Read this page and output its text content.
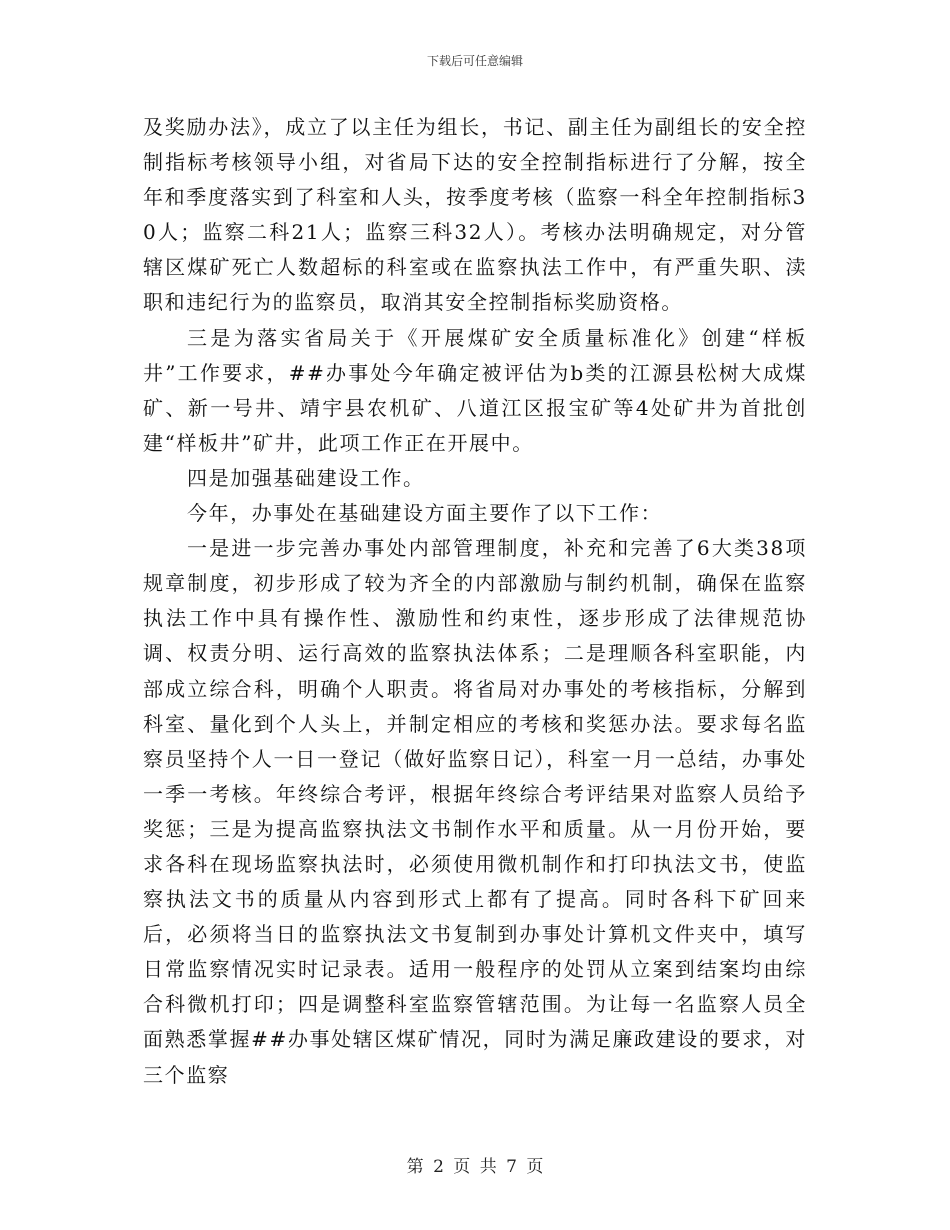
下载后可任意编辑

及奖励办法》，成立了以主任为组长，书记、副主任为副组长的安全控制指标考核领导小组，对省局下达的安全控制指标进行了分解，按全年和季度落实到了科室和人头，按季度考核（监察一科全年控制指标30人；监察二科21人；监察三科32人）。考核办法明确规定，对分管辖区煤矿死亡人数超标的科室或在监察执法工作中，有严重失职、渎职和违纪行为的监察员，取消其安全控制指标奖励资格。

三是为落实省局关于《开展煤矿安全质量标准化》创建“样板井”工作要求，##办事处今年确定被评估为b类的江源县松树大成煤矿、新一号井、靖宇县农机矿、八道江区报宝矿等4处矿井为首批创建“样板井”矿井，此项工作正在开展中。

四是加强基础建设工作。

今年，办事处在基础建设方面主要作了以下工作：

一是进一步完善办事处内部管理制度，补充和完善了6大类38项规章制度，初步形成了较为齐全的内部激励与制约机制，确保在监察执法工作中具有操作性、激励性和约束性，逐步形成了法律规范协调、权责分明、运行高效的监察执法体系；二是理顺各科室职能，内部成立综合科，明确个人职责。将省局对办事处的考核指标，分解到科室、量化到个人头上，并制定相应的考核和奖惩办法。要求每名监察员坚持个人一日一登记（做好监察日记），科室一月一总结，办事处一季一考核。年终综合考评，根据年终综合考评结果对监察人员给予奖惩；三是为提高监察执法文书制作水平和质量。从一月份开始，要求各科在现场监察执法时，必须使用微机制作和打印执法文书，使监察执法文书的质量从内容到形式上都有了提高。同时各科下矿回来后，必须将当日的监察执法文书复制到办事处计算机文件夹中，填写日常监察情况实时记录表。适用一般程序的处罚从立案到结案均由综合科微机打印；四是调整科室监察管辖范围。为让每一名监察人员全面熟悉掌握##办事处辖区煤矿情况，同时为满足廉政建设的要求，对三个监察

第 2 页 共 7 页
